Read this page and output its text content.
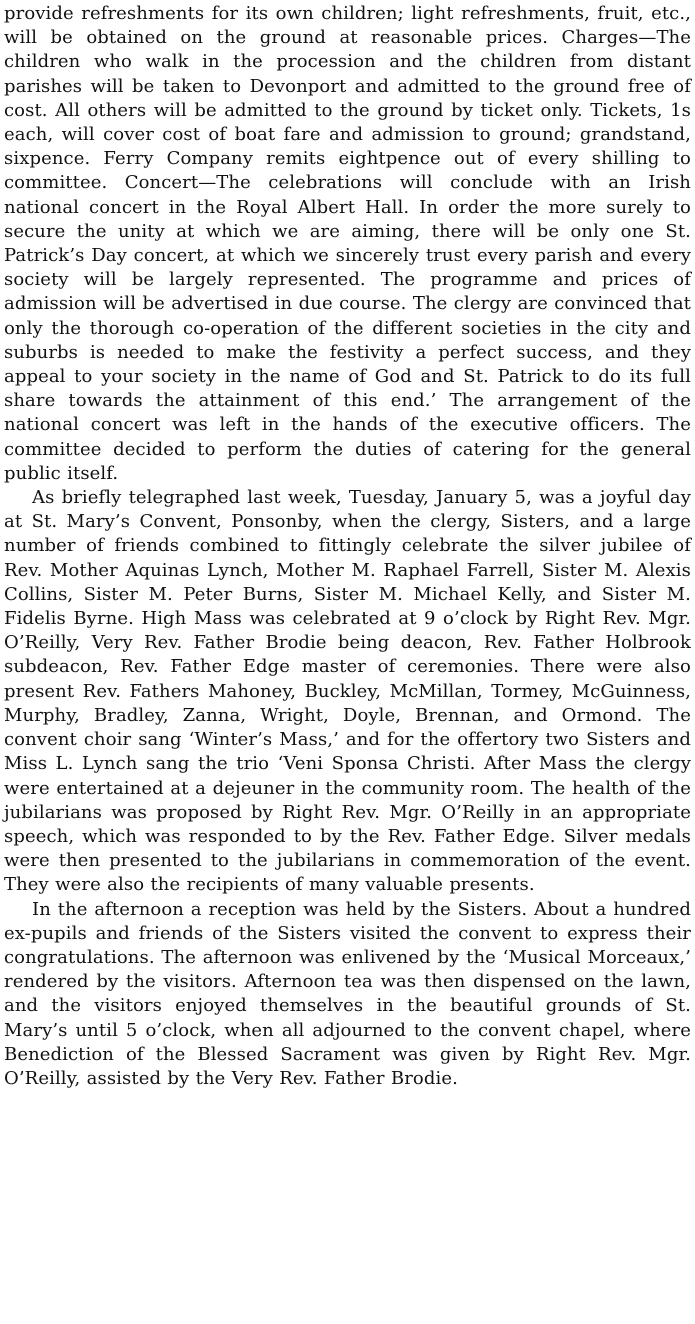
provide refreshments for its own children; light refreshments, fruit, etc., will be obtained on the ground at reasonable prices. Charges—The children who walk in the procession and the children from distant parishes will be taken to Devonport and admitted to the ground free of cost. All others will be admitted to the ground by ticket only. Tickets, 1s each, will cover cost of boat fare and admission to ground; grandstand, sixpence. Ferry Company remits eightpence out of every shilling to committee. Concert—The celebrations will conclude with an Irish national concert in the Royal Albert Hall. In order the more surely to secure the unity at which we are aiming, there will be only one St. Patrick’s Day concert, at which we sincerely trust every parish and every society will be largely represented. The programme and prices of admission will be advertised in due course. The clergy are convinced that only the thorough co-operation of the different societies in the city and suburbs is needed to make the festivity a perfect success, and they appeal to your society in the name of God and St. Patrick to do its full share towards the attainment of this end.’ The arrangement of the national concert was left in the hands of the executive officers. The committee decided to perform the duties of catering for the general public itself.

As briefly telegraphed last week, Tuesday, January 5, was a joyful day at St. Mary’s Convent, Ponsonby, when the clergy, Sisters, and a large number of friends combined to fittingly celebrate the silver jubilee of Rev. Mother Aquinas Lynch, Mother M. Raphael Farrell, Sister M. Alexis Collins, Sister M. Peter Burns, Sister M. Michael Kelly, and Sister M. Fidelis Byrne. High Mass was celebrated at 9 o’clock by Right Rev. Mgr. O’Reilly, Very Rev. Father Brodie being deacon, Rev. Father Holbrook subdeacon, Rev. Father Edge master of ceremonies. There were also present Rev. Fathers Mahoney, Buckley, McMillan, Tormey, McGuinness, Murphy, Bradley, Zanna, Wright, Doyle, Brennan, and Ormond. The convent choir sang ‘Winter’s Mass,’ and for the offertory two Sisters and Miss L. Lynch sang the trio ‘Veni Sponsa Christi. After Mass the clergy were entertained at a dejeuner in the community room. The health of the jubilarians was proposed by Right Rev. Mgr. O’Reilly in an appropriate speech, which was responded to by the Rev. Father Edge. Silver medals were then presented to the jubilarians in commemoration of the event. They were also the recipients of many valuable presents.

In the afternoon a reception was held by the Sisters. About a hundred ex-pupils and friends of the Sisters visited the convent to express their congratulations. The afternoon was enlivened by the ‘Musical Morceaux,’ rendered by the visitors. Afternoon tea was then dispensed on the lawn, and the visitors enjoyed themselves in the beautiful grounds of St. Mary’s until 5 o’clock, when all adjourned to the convent chapel, where Benediction of the Blessed Sacrament was given by Right Rev. Mgr. O’Reilly, assisted by the Very Rev. Father Brodie.
